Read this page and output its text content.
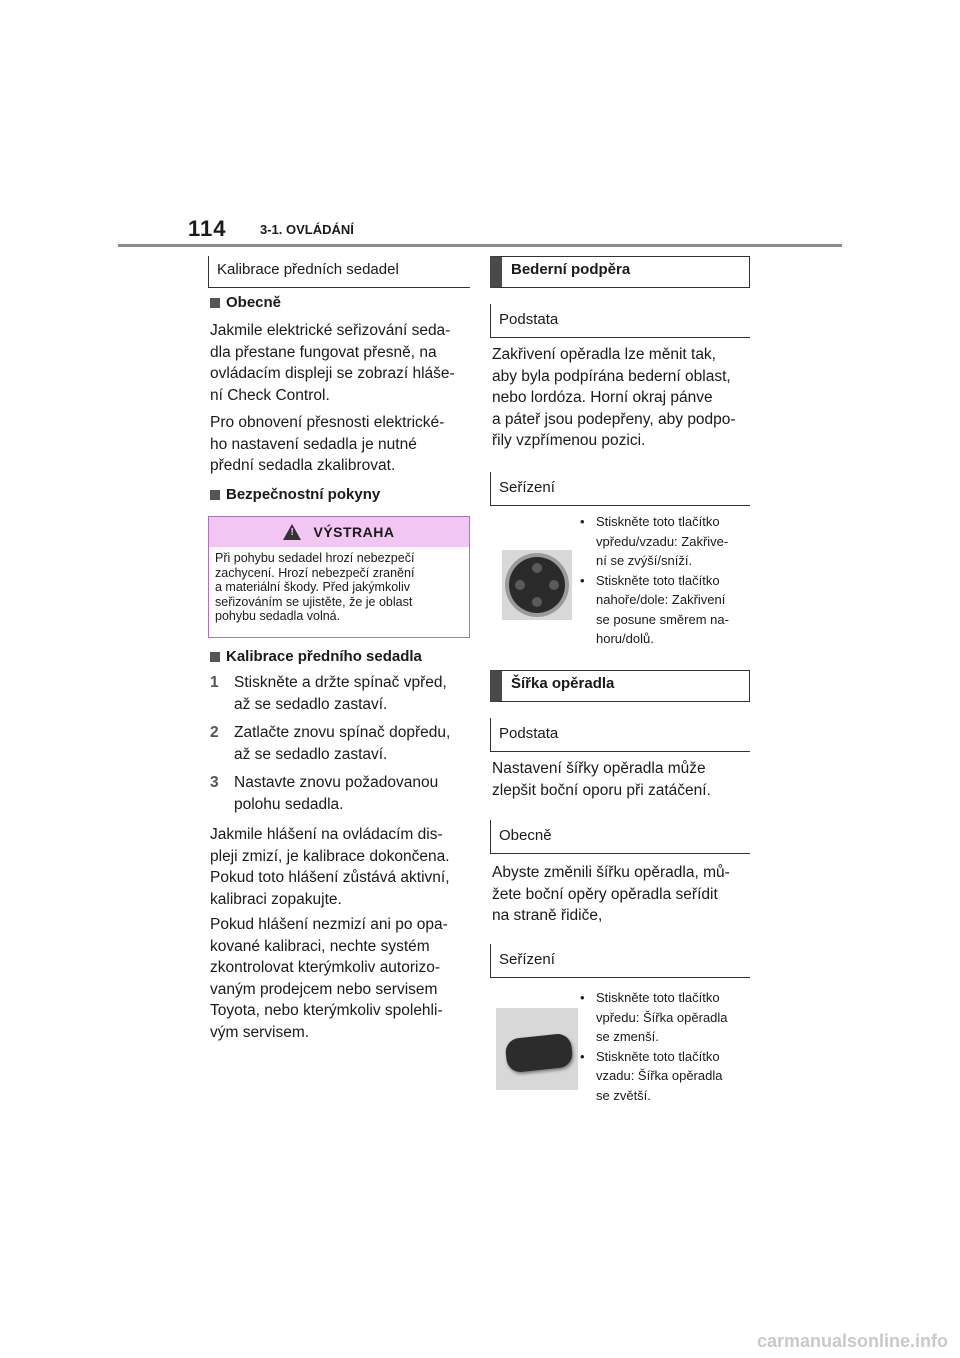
114	3-1. OVLÁDÁNÍ
Kalibrace předních sedadel
Obecně
Jakmile elektrické seřizování seda-
dla přestane fungovat přesně, na
ovládacím displeji se zobrazí hláše-
ní Check Control.
Pro obnovení přesnosti elektrické-
ho nastavení sedadla je nutné
přední sedadla zkalibrovat.
Bezpečnostní pokyny
!
VÝSTRAHA
Při pohybu sedadel hrozí nebezpečí
zachycení. Hrozí nebezpečí zranění
a materiální škody. Před jakýmkoliv
seřizováním se ujistěte, že je oblast
pohybu sedadla volná.
Kalibrace předního sedadla
1 Stiskněte a držte spínač vpřed,
až se sedadlo zastaví.
2 Zatlačte znovu spínač dopředu,
až se sedadlo zastaví.
3 Nastavte znovu požadovanou
polohu sedadla.
Jakmile hlášení na ovládacím dis-
pleji zmizí, je kalibrace dokončena.
Pokud toto hlášení zůstává aktivní,
kalibraci zopakujte.
Pokud hlášení nezmizí ani po opa-
kované kalibraci, nechte systém
zkontrolovat kterýmkoliv autorizo-
vaným prodejcem nebo servisem
Toyota, nebo kterýmkoliv spolehli-
vým servisem.
Bederní podpěra
Podstata
Zakřivení opěradla lze měnit tak,
aby byla podpírána bederní oblast,
nebo lordóza. Horní okraj pánve
a páteř jsou podepřeny, aby podpo-
řily vzpřímenou pozici.
Seřízení
• Stiskněte toto tlačítko
vpředu/vzadu: Zakřive-
ní se zvýší/sníží.
• Stiskněte toto tlačítko
nahoře/dole: Zakřivení
se posune směrem na-
horu/dolů.
Šířka opěradla
Podstata
Nastavení šířky opěradla může
zlepšit boční oporu při zatáčení.
Obecně
Abyste změnili šířku opěradla, mů-
žete boční opěry opěradla seřídit
na straně řidiče,
Seřízení
• Stiskněte toto tlačítko
vpředu: Šířka opěradla
se zmenší.
• Stiskněte toto tlačítko
vzadu: Šířka opěradla
se zvětší.
carmanualsonline.info
